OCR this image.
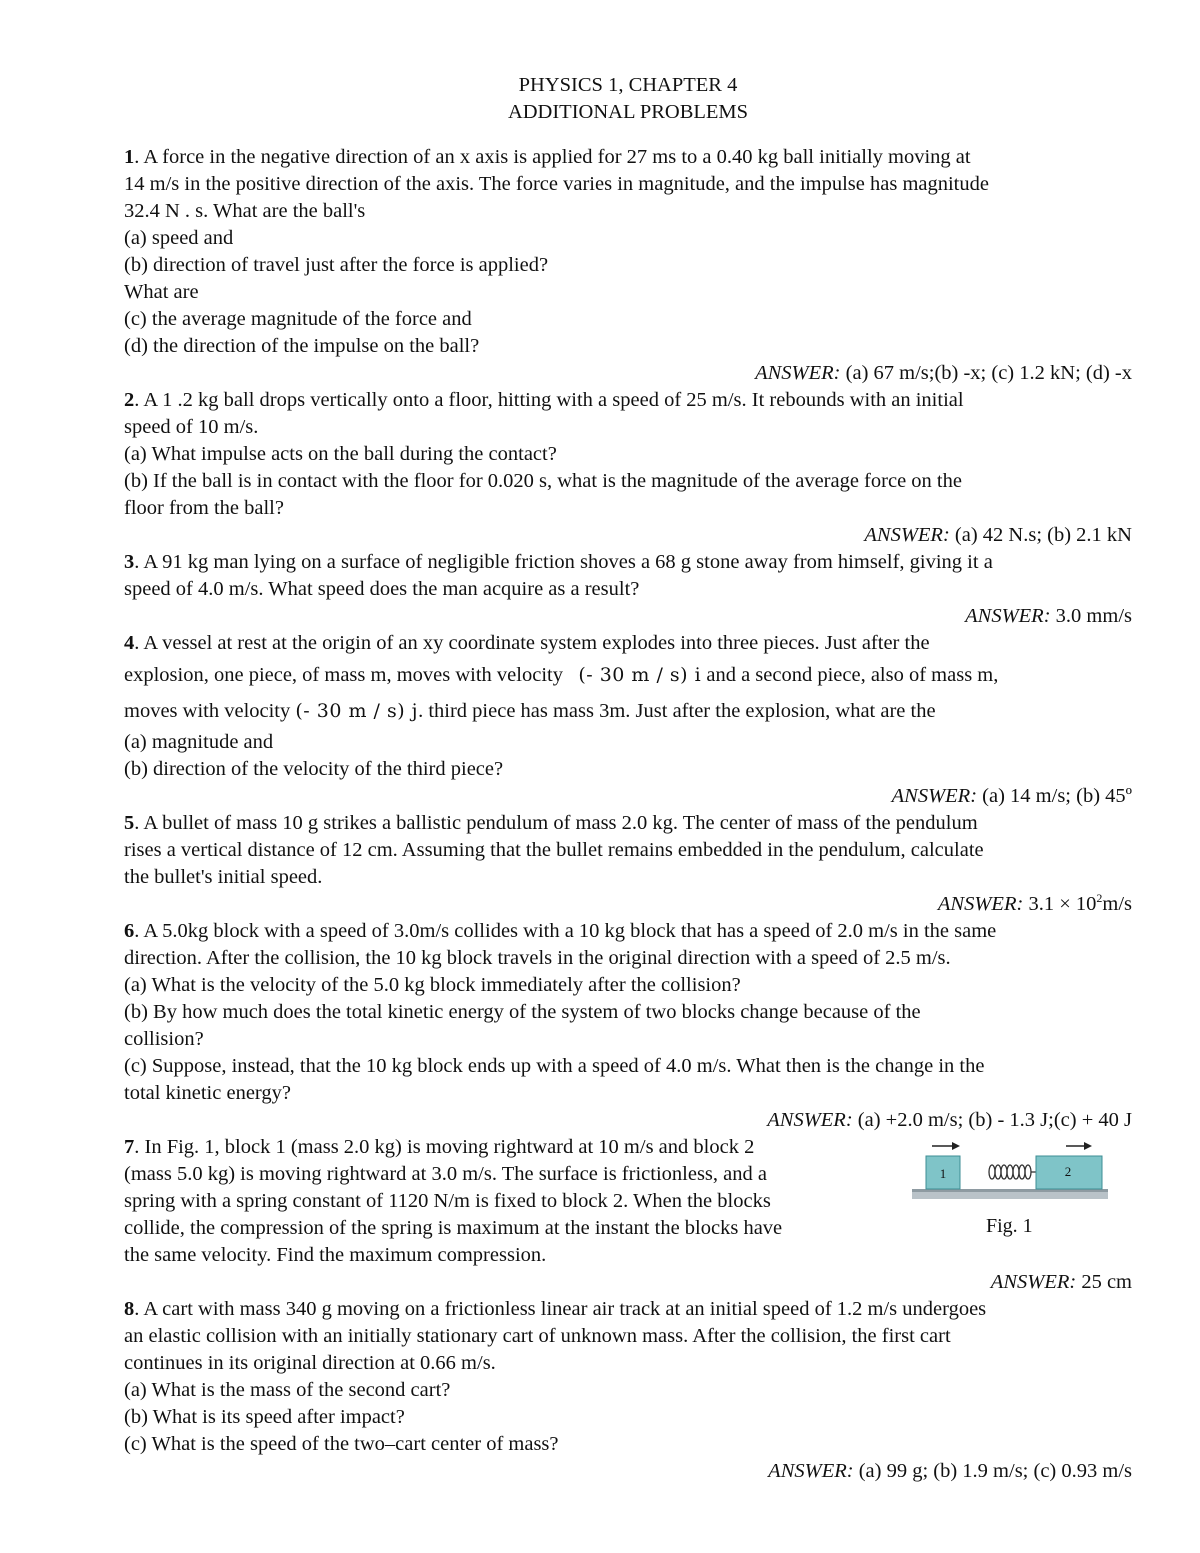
PHYSICS 1, CHAPTER 4
ADDITIONAL PROBLEMS
1. A force in the negative direction of an x axis is applied for 27 ms to a 0.40 kg ball initially moving at
14 m/s in the positive direction of the axis. The force varies in magnitude, and the impulse has magnitude
32.4 N . s. What are the ball's
(a) speed and
(b) direction of travel just after the force is applied?
What are
(c) the average magnitude of the force and
(d) the direction of the impulse on the ball?
ANSWER: (a) 67 m/s;(b) -x; (c) 1.2 kN; (d) -x
2. A 1 .2 kg ball drops vertically onto a floor, hitting with a speed of 25 m/s. It rebounds with an initial
speed of 10 m/s.
(a) What impulse acts on the ball during the contact?
(b) If the ball is in contact with the floor for 0.020 s, what is the magnitude of the average force on the
floor from the ball?
ANSWER: (a) 42 N.s; (b) 2.1 kN
3. A 91 kg man lying on a surface of negligible friction shoves a 68 g stone away from himself, giving it a
speed of 4.0 m/s. What speed does the man acquire as a result?
ANSWER: 3.0 mm/s
4. A vessel at rest at the origin of an xy coordinate system explodes into three pieces. Just after the
explosion, one piece, of mass m, moves with velocity (- 30 m / s) i and a second piece, also of mass m,
moves with velocity (- 30 m / s) j. third piece has mass 3m. Just after the explosion, what are the
(a) magnitude and
(b) direction of the velocity of the third piece?
ANSWER: (a) 14 m/s; (b) 45º
5. A bullet of mass 10 g strikes a ballistic pendulum of mass 2.0 kg. The center of mass of the pendulum
rises a vertical distance of 12 cm. Assuming that the bullet remains embedded in the pendulum, calculate
the bullet's initial speed.
ANSWER: $3.1 \times 10^2m/s$
6. A 5.0kg block with a speed of 3.0m/s collides with a 10 kg block that has a speed of 2.0 m/s in the same
direction. After the collision, the 10 kg block travels in the original direction with a speed of 2.5 m/s.
(a) What is the velocity of the 5.0 kg block immediately after the collision?
(b) By how much does the total kinetic energy of the system of two blocks change because of the
collision?
(c) Suppose, instead, that the 10 kg block ends up with a speed of 4.0 m/s. What then is the change in the
total kinetic energy?
ANSWER: (a) +2.0 m/s; (b) - 1.3 J;(c) + 40 J
7. In Fig. 1, block 1 (mass 2.0 kg) is moving rightward at 10 m/s and block 2
(mass 5.0 kg) is moving rightward at 3.0 m/s. The surface is frictionless, and a
spring with a spring constant of 1120 N/m is fixed to block 2. When the blocks
collide, the compression of the spring is maximum at the instant the blocks have
the same velocity. Find the maximum compression.
ANSWER: 25 cm
1	2
Fig. 1
8. A cart with mass 340 g moving on a frictionless linear air track at an initial speed of 1.2 m/s undergoes
an elastic collision with an initially stationary cart of unknown mass. After the collision, the first cart
continues in its original direction at 0.66 m/s.
(a) What is the mass of the second cart?
(b) What is its speed after impact?
(c) What is the speed of the two–cart center of mass?
ANSWER: (a) 99 g; (b) 1.9 m/s; (c) 0.93 m/s
